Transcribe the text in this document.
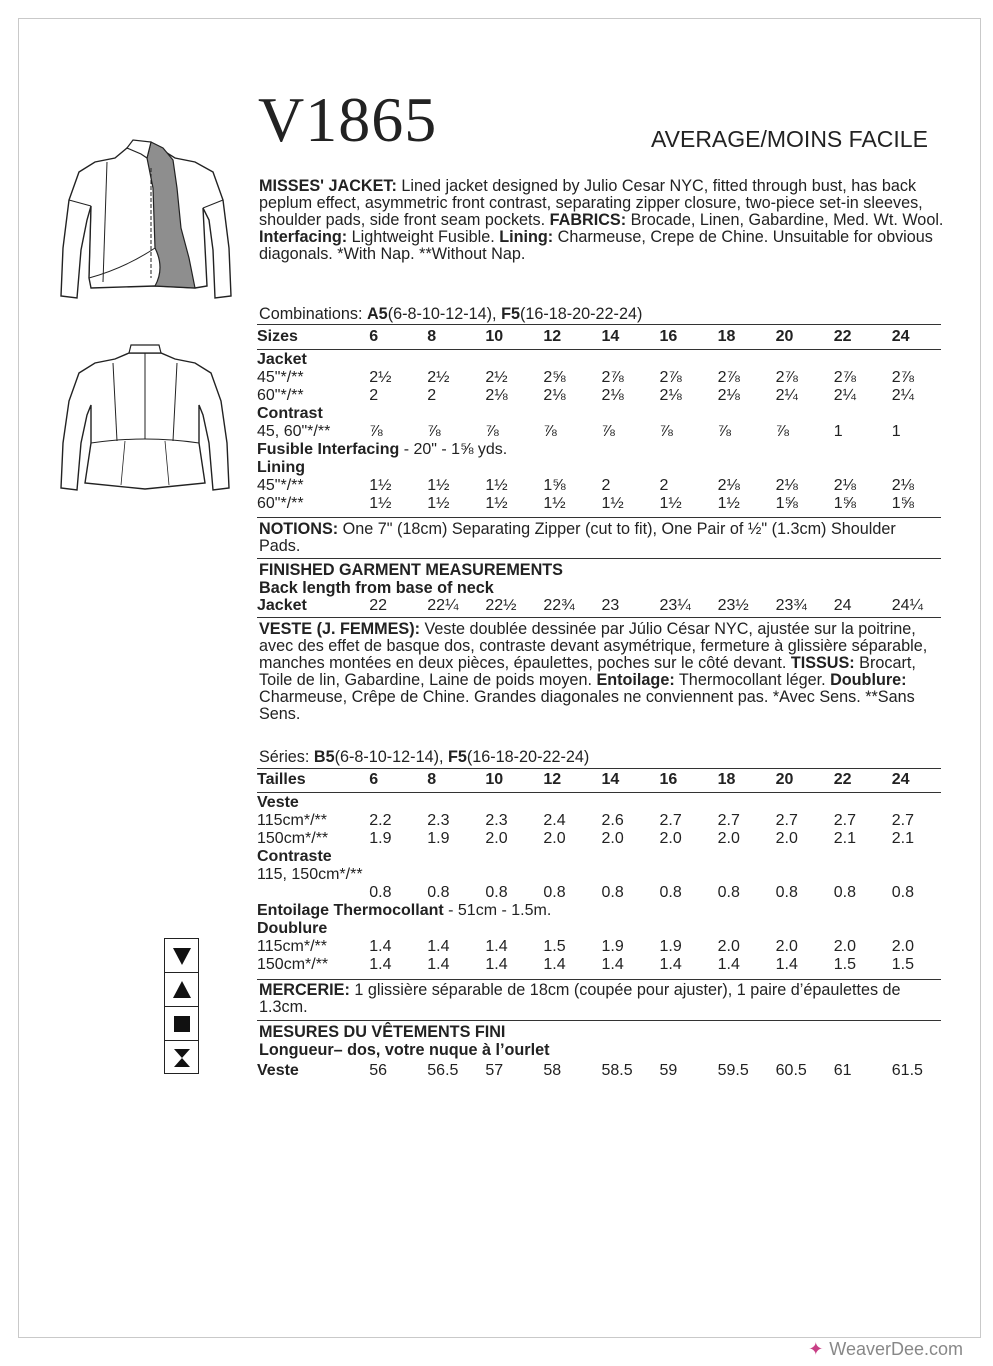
V1865	AVERAGE/MOINS FACILE
MISSES' JACKET: Lined jacket designed by Julio Cesar NYC, fitted through bust, has back peplum effect, asymmetric front contrast, separating zipper closure, two-piece set-in sleeves, shoulder pads, side front seam pockets. FABRICS: Brocade, Linen, Gabardine, Med. Wt. Wool. Interfacing: Lightweight Fusible. Lining: Charmeuse, Crepe de Chine. Unsuitable for obvious diagonals. *With Nap. **Without Nap.
Combinations: A5(6-8-10-12-14), F5(16-18-20-22-24)
Sizes	6	8	10	12	14	16	18	20	22	24
Jacket										
45"*/**	2½	2½	2½	2⅝	2⅞	2⅞	2⅞	2⅞	2⅞	2⅞
60"*/**	2	2	2⅛	2⅛	2⅛	2⅛	2⅛	2¼	2¼	2¼
Contrast										
45, 60"*/**	⅞	⅞	⅞	⅞	⅞	⅞	⅞	⅞	1	1
Fusible Interfacing - 20" - 1⅝ yds.										
Lining										
45"*/**	1½	1½	1½	1⅝	2	2	2⅛	2⅛	2⅛	2⅛
60"*/**	1½	1½	1½	1½	1½	1½	1½	1⅝	1⅝	1⅝
NOTIONS: One 7" (18cm) Separating Zipper (cut to fit), One Pair of ½" (1.3cm) Shoulder Pads.
FINISHED GARMENT MEASUREMENTS
Back length from base of neck
Jacket	22	22¼	22½	22¾	23	23¼	23½	23¾	24	24¼
VESTE (J. FEMMES): Veste doublée dessinée par Júlio César NYC, ajustée sur la poitrine, avec des effet de basque dos, contraste devant asymétrique, fermeture à glissière séparable, manches montées en deux pièces, épaulettes, poches sur le côté devant. TISSUS: Brocart, Toile de lin, Gabardine, Laine de poids moyen. Entoilage: Thermocollant léger. Doublure: Charmeuse, Crêpe de Chine. Grandes diagonales ne conviennent pas. *Avec Sens. **Sans Sens.
Séries: B5(6-8-10-12-14), F5(16-18-20-22-24)
Tailles	6	8	10	12	14	16	18	20	22	24
Veste										
115cm*/**	2.2	2.3	2.3	2.4	2.6	2.7	2.7	2.7	2.7	2.7
150cm*/**	1.9	1.9	2.0	2.0	2.0	2.0	2.0	2.0	2.1	2.1
Contraste										
115, 150cm*/**										
	0.8	0.8	0.8	0.8	0.8	0.8	0.8	0.8	0.8	0.8
Entoilage Thermocollant - 51cm - 1.5m.										
Doublure										
115cm*/**	1.4	1.4	1.4	1.5	1.9	1.9	2.0	2.0	2.0	2.0
150cm*/**	1.4	1.4	1.4	1.4	1.4	1.4	1.4	1.4	1.5	1.5
MERCERIE: 1 glissière séparable de 18cm (coupée pour ajuster), 1 paire d’épaulettes de 1.3cm.
MESURES DU VÊTEMENTS FINI
Longueur– dos, votre nuque à l’ourlet
Veste	56	56.5	57	58	58.5	59	59.5	60.5	61	61.5
✦ WeaverDee.com
